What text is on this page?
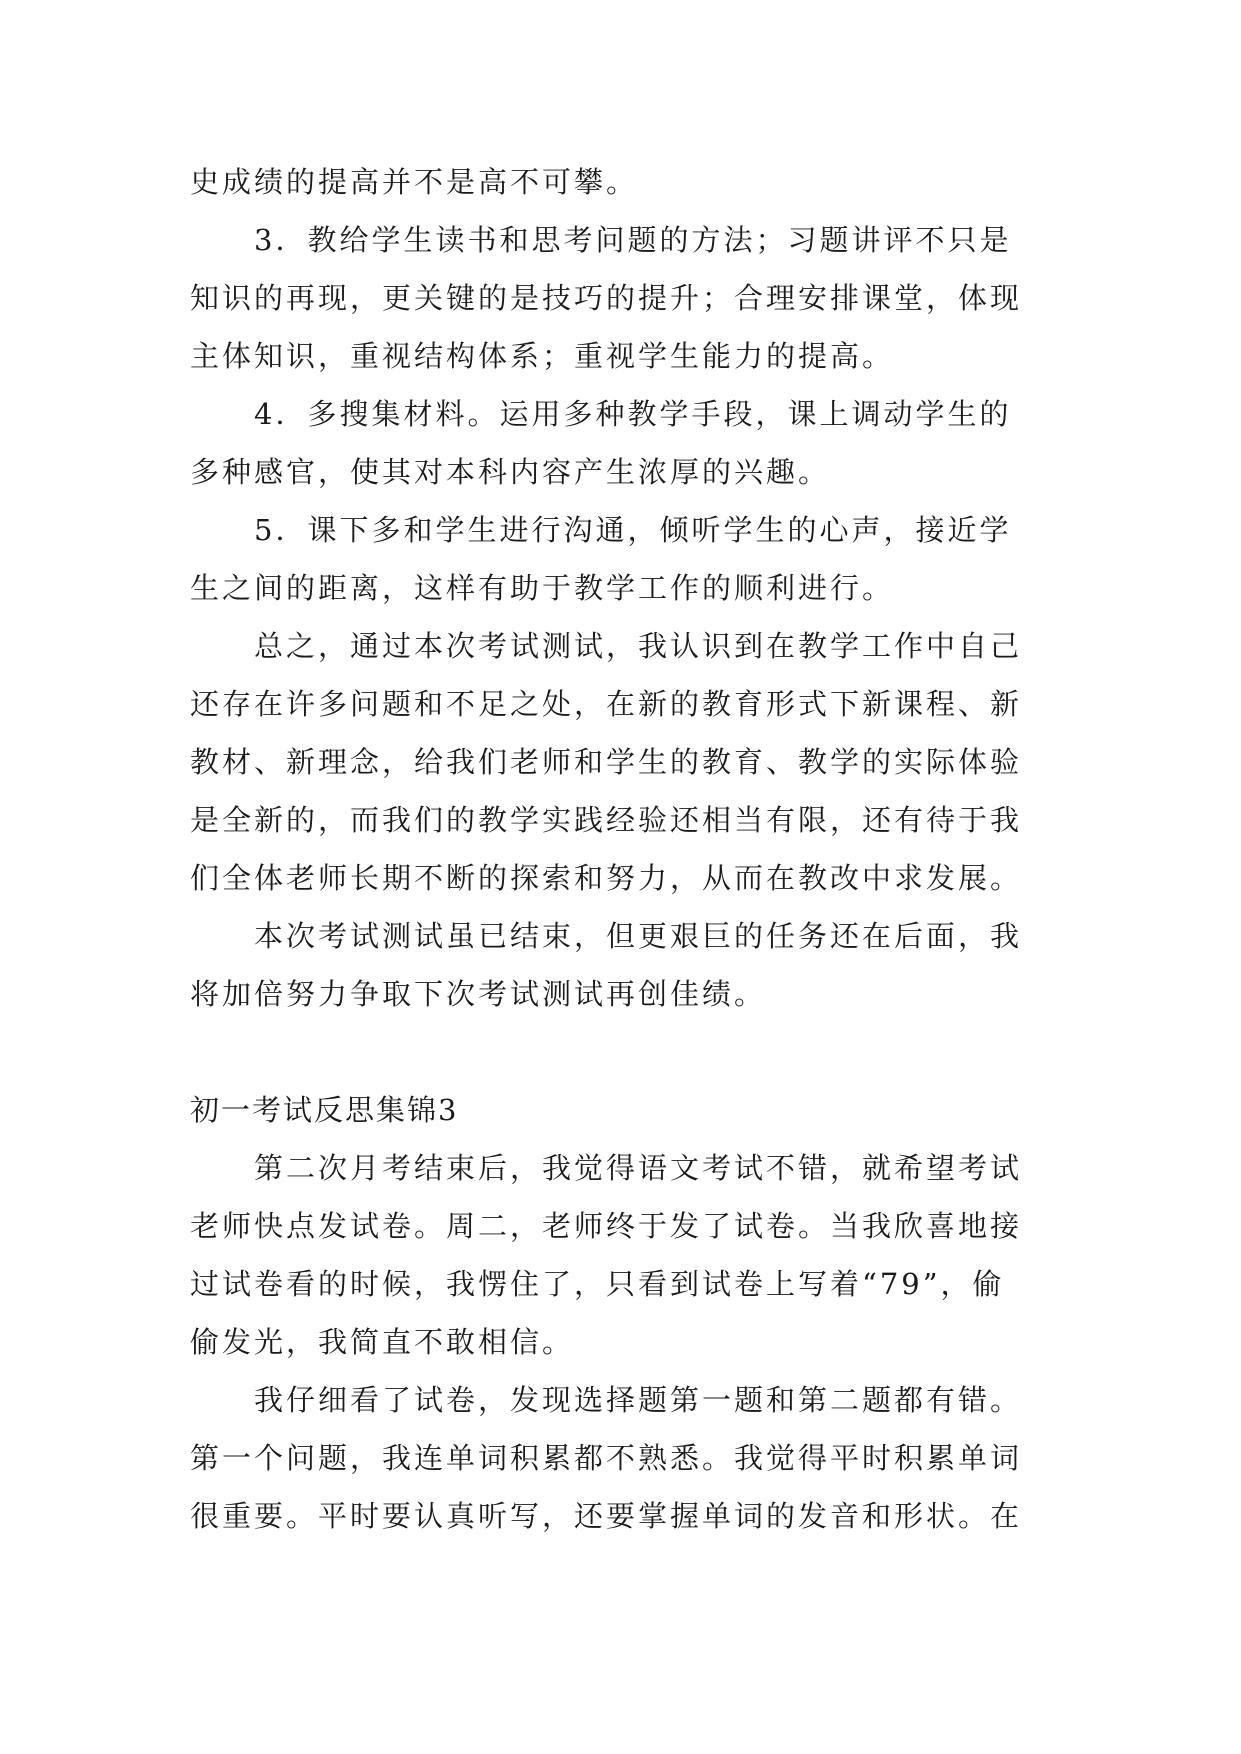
史成绩的提高并不是高不可攀。
3．教给学生读书和思考问题的方法；习题讲评不只是
知识的再现，更关键的是技巧的提升；合理安排课堂，体现
主体知识，重视结构体系；重视学生能力的提高。
4．多搜集材料。运用多种教学手段，课上调动学生的
多种感官，使其对本科内容产生浓厚的兴趣。
5．课下多和学生进行沟通，倾听学生的心声，接近学
生之间的距离，这样有助于教学工作的顺利进行。
总之，通过本次考试测试，我认识到在教学工作中自己
还存在许多问题和不足之处，在新的教育形式下新课程、新
教材、新理念，给我们老师和学生的教育、教学的实际体验
是全新的，而我们的教学实践经验还相当有限，还有待于我
们全体老师长期不断的探索和努力，从而在教改中求发展。
本次考试测试虽已结束，但更艰巨的任务还在后面，我
将加倍努力争取下次考试测试再创佳绩。
初一考试反思集锦3
第二次月考结束后，我觉得语文考试不错，就希望考试
老师快点发试卷。周二，老师终于发了试卷。当我欣喜地接
过试卷看的时候，我愣住了，只看到试卷上写着“79”，偷
偷发光，我简直不敢相信。
我仔细看了试卷，发现选择题第一题和第二题都有错。
第一个问题，我连单词积累都不熟悉。我觉得平时积累单词
很重要。平时要认真听写，还要掌握单词的发音和形状。在
